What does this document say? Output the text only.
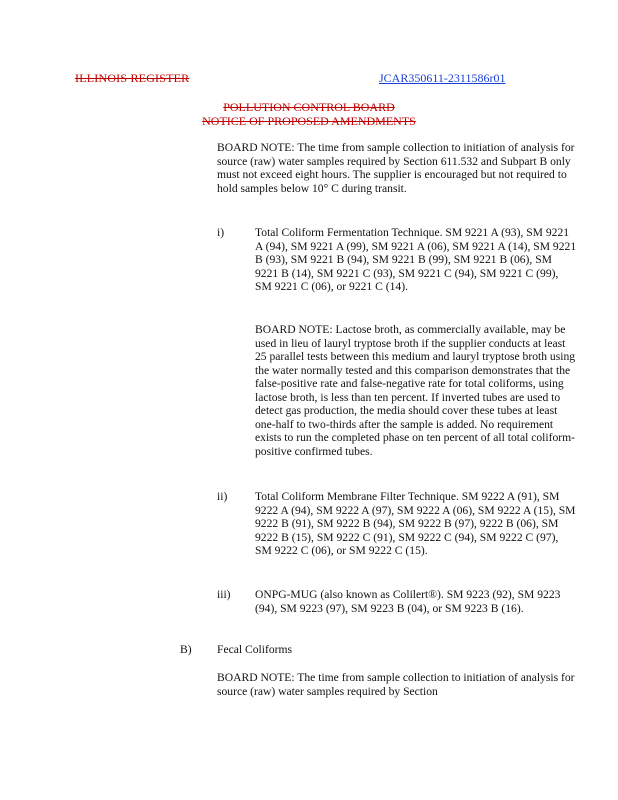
ILLINOIS REGISTER	JCAR350611-2311586r01
POLLUTION CONTROL BOARD
NOTICE OF PROPOSED AMENDMENTS

BOARD NOTE: The time from sample collection to initiation of analysis for source (raw) water samples required by Section 611.532 and Subpart B only must not exceed eight hours. The supplier is encouraged but not required to hold samples below 10° C during transit.

i)	Total Coliform Fermentation Technique. SM 9221 A (93), SM 9221 A (94), SM 9221 A (99), SM 9221 A (06), SM 9221 A (14), SM 9221 B (93), SM 9221 B (94), SM 9221 B (99), SM 9221 B (06), SM 9221 B (14), SM 9221 C (93), SM 9221 C (94), SM 9221 C (99), SM 9221 C (06), or 9221 C (14).

BOARD NOTE: Lactose broth, as commercially available, may be used in lieu of lauryl tryptose broth if the supplier conducts at least 25 parallel tests between this medium and lauryl tryptose broth using the water normally tested and this comparison demonstrates that the false-positive rate and false-negative rate for total coliforms, using lactose broth, is less than ten percent. If inverted tubes are used to detect gas production, the media should cover these tubes at least one-half to two-thirds after the sample is added. No requirement exists to run the completed phase on ten percent of all total coliform-positive confirmed tubes.

ii) Total Coliform Membrane Filter Technique. SM 9222 A (91), SM 9222 A (94), SM 9222 A (97), SM 9222 A (06), SM 9222 A (15), SM 9222 B (91), SM 9222 B (94), SM 9222 B (97), 9222 B (06), SM 9222 B (15), SM 9222 C (91), SM 9222 C (94), SM 9222 C (97), SM 9222 C (06), or SM 9222 C (15).

iii) ONPG-MUG (also known as Colilert®). SM 9223 (92), SM 9223 (94), SM 9223 (97), SM 9223 B (04), or SM 9223 B (16).

B) Fecal Coliforms

BOARD NOTE: The time from sample collection to initiation of analysis for source (raw) water samples required by Section
